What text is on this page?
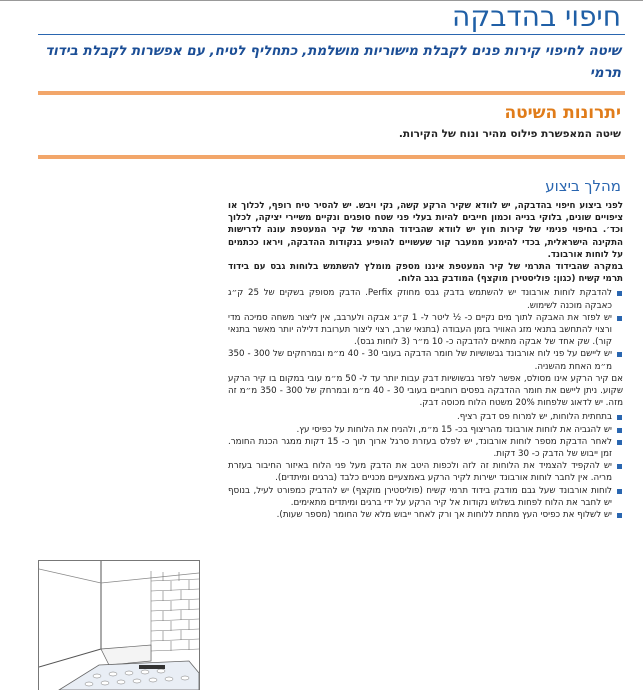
חיפוי בהדבקה
שיטה לחיפוי קירות פנים לקבלת מישוריות מושלמת, כתחליף לטיח, עם אפשרות לקבלת בידוד תרמי
יתרונות השיטה
שיטה המאפשרת פילוס מהיר ונוח של הקירות.
מהלך ביצוע

לפני ביצוע חיפוי בהדבקה, יש לוודא שקיר הרקע קשה, נקי ויבש. יש להסיר טיח רופף, לכלוך או ציפויים שונים, בלוקי בנייה וכמון חייבים להיות בעלי פני שטח סופגים ונקיים משיירי יציקה, לכלוך וכד׳. בחיפוי פנימי של קירות חוץ יש לוודא שהבידוד התרמי של קיר המעטפת עונה לדרישות התקינה הישראלית, בכדי להימנע ממעבר קור שעשויים להופיע בנקודות ההדבקה, ויראו ככתמים על לוחות אורבונד.

במקרה שהבידוד התרמי של קיר המעטפת איננו מספק מומלץ להשתמש בלוחות גבס עם בידוד תרמי קשיח (כגון: פוליסטירן מוקצף) המודבק בגב הלוח.

להדבקת לוחות אורבונד יש להשתמש בדבק גבס מחוזק Perfix. הדבק מסופק בשקים של 25 ק״ג כאבקה מוכנה לשימוש.
יש לפזר את האבקה לתוך מים נקיים כ- ½ ליטר ל- 1 ק״ג אבקה ולערבב, אין ליצור משחה סמיכה מדי ורצוי להתחשב בתנאי מזג האוויר בזמן העבודה (בתנאי שרב, רצוי ליצור תערובת דלילה יותר מאשר בתנאי קור). שק אחד של אבקה מתאים להדבקה כ- 10 מ״ר (3 לוחות גבס).
יש ליישם על פני לוח אורבונד גבשושיות של חומר הדבקה בעובי 30 - 40 מ״מ ובמרחקים של 300 - 350 מ״מ האחת מהשניה.

אם קיר הרקע אינו מסולס, אפשר לפזר גבשושיות דבק עבות יותר עד ל- 50 מ״מ עובי במקום בו קיר הרקע שקוע. ניתן ליישם את חומר ההדבקה בפסים רוחביים בעובי 30 - 40 מ״מ ובמרחק של 300 - 350 מ״מ זה מזה. יש לדאוג שלפחות 20% משטח הלוח מכוסה דבק.

בתחתית הלוחות, יש למרוח פס דבק רציף.
יש להגביה את לוחות אורבונד מהריצוף בכ- 15 מ״מ, ולהניח את הלוחות על כפיסי עץ.
לאחר הדבקת מספר לוחות אורבונד, יש לפלס בעזרת סרגל ארוך תוך כ- 15 דקות ממגר הכנת החומר. זמן ייבוש של הדבק כ- 30 דקות.
יש להקפיד להצמיד את הלוחות זה לזה ולכפות היטב את הדבק מעל פני הלוח באיזור החיבור בעזרת מריה. אין לחבר לוחות אורבונד ישירות לקיר הרקע באמצעיים מכניים כלבד (ברגים ומיתדים).
לוחות אורבונד שעל גבם מודבק בידוד תרמי קשיח (פוליסטירן מוקצף) יש להדביק כמפורט לעיל, בנוסף יש לחבר את הלוח לפחות בשלוש נקודות אל קיר הרקע על ידי ברגים ומיתדים מתאימים.
יש לשלוף את כפיסי העץ מתחת ללוחות אך ורק לאחר ייבוש מלא של החומר (מספר שעות).
